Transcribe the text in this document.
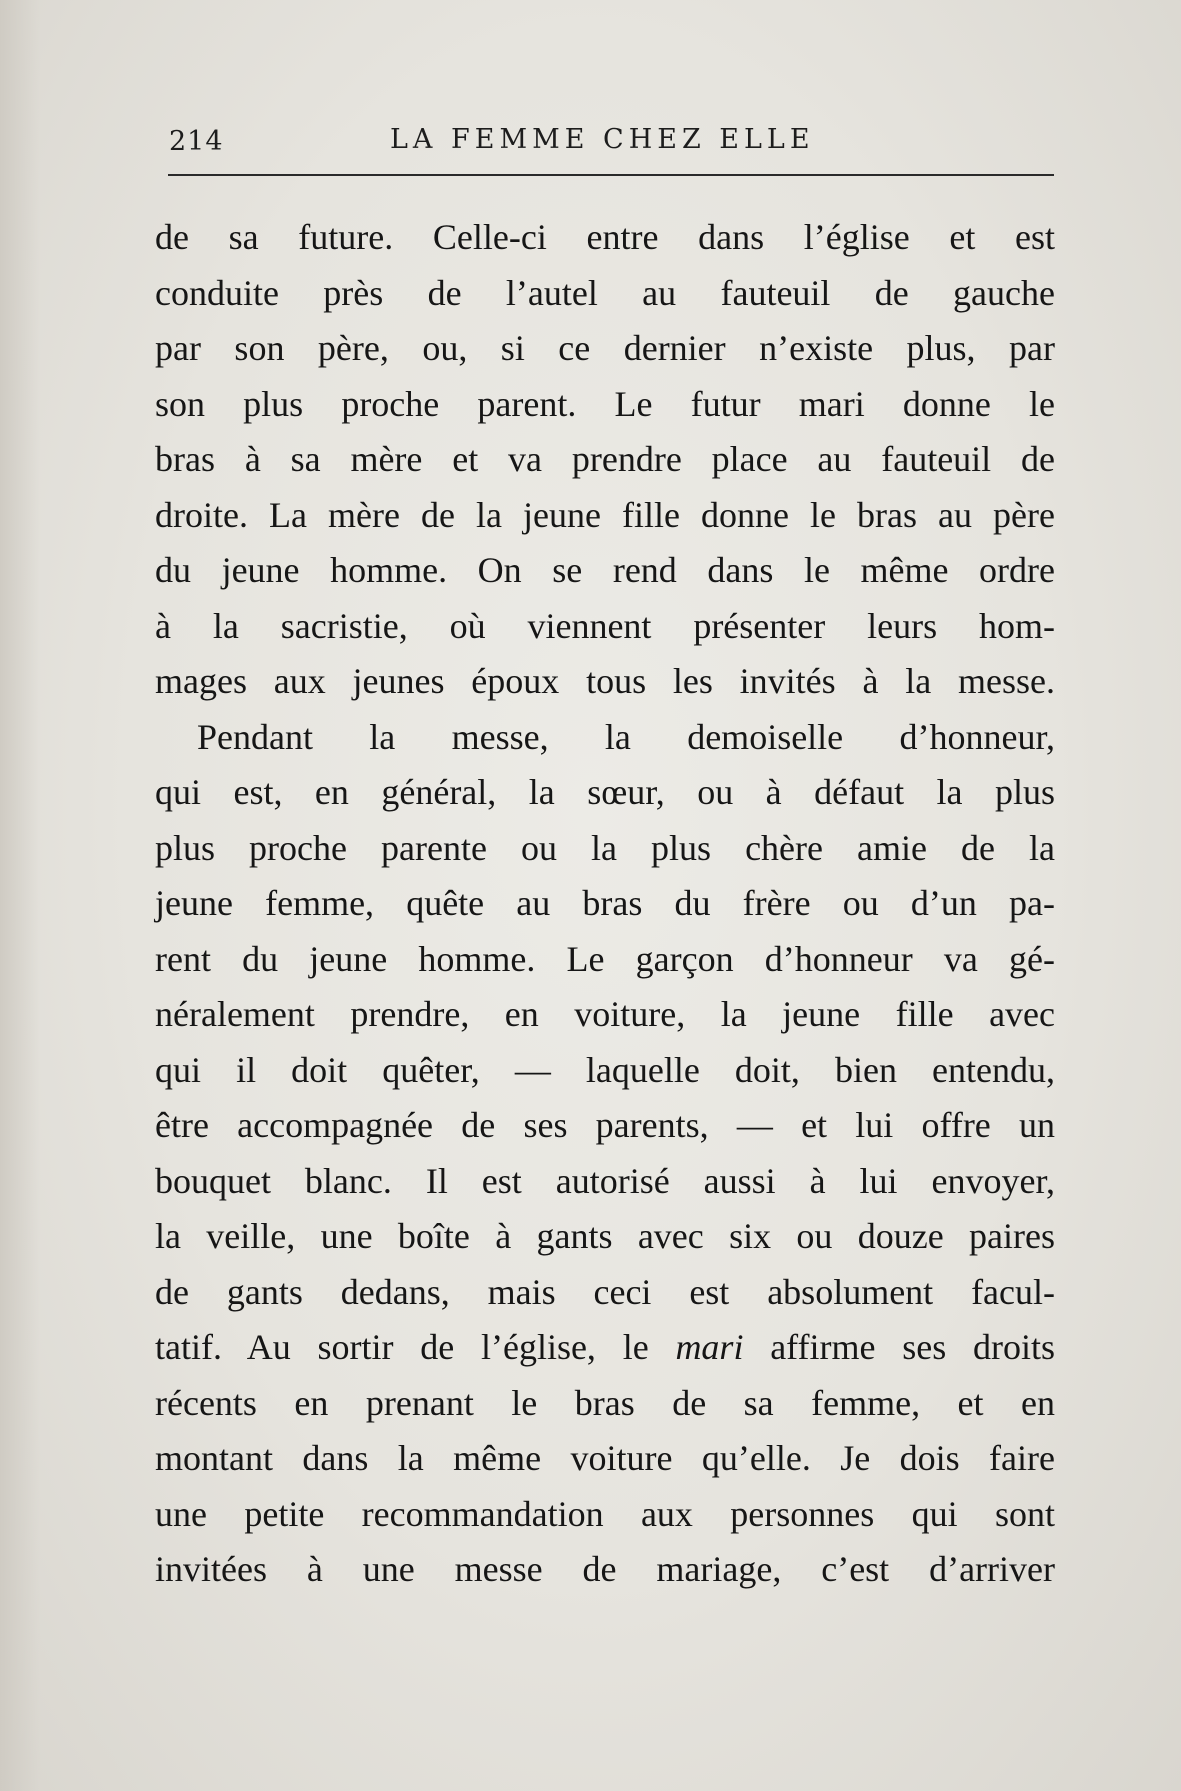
214	LA FEMME CHEZ ELLE
de sa future. Celle-ci entre dans l’église et est
conduite près de l’autel au fauteuil de gauche
par son père, ou, si ce dernier n’existe plus, par
son plus proche parent. Le futur mari donne le
bras à sa mère et va prendre place au fauteuil de
droite. La mère de la jeune fille donne le bras au père
du jeune homme. On se rend dans le même ordre
à la sacristie, où viennent présenter leurs hom-
mages aux jeunes époux tous les invités à la messe.
Pendant la messe, la demoiselle d’honneur,
qui est, en général, la sœur, ou à défaut la plus
plus proche parente ou la plus chère amie de la
jeune femme, quête au bras du frère ou d’un pa-
rent du jeune homme. Le garçon d’honneur va gé-
néralement prendre, en voiture, la jeune fille avec
qui il doit quêter, — laquelle doit, bien entendu,
être accompagnée de ses parents, — et lui offre un
bouquet blanc. Il est autorisé aussi à lui envoyer,
la veille, une boîte à gants avec six ou douze paires
de gants dedans, mais ceci est absolument facul-
tatif. Au sortir de l’église, le mari affirme ses droits
récents en prenant le bras de sa femme, et en
montant dans la même voiture qu’elle. Je dois faire
une petite recommandation aux personnes qui sont
invitées à une messe de mariage, c’est d’arriver
